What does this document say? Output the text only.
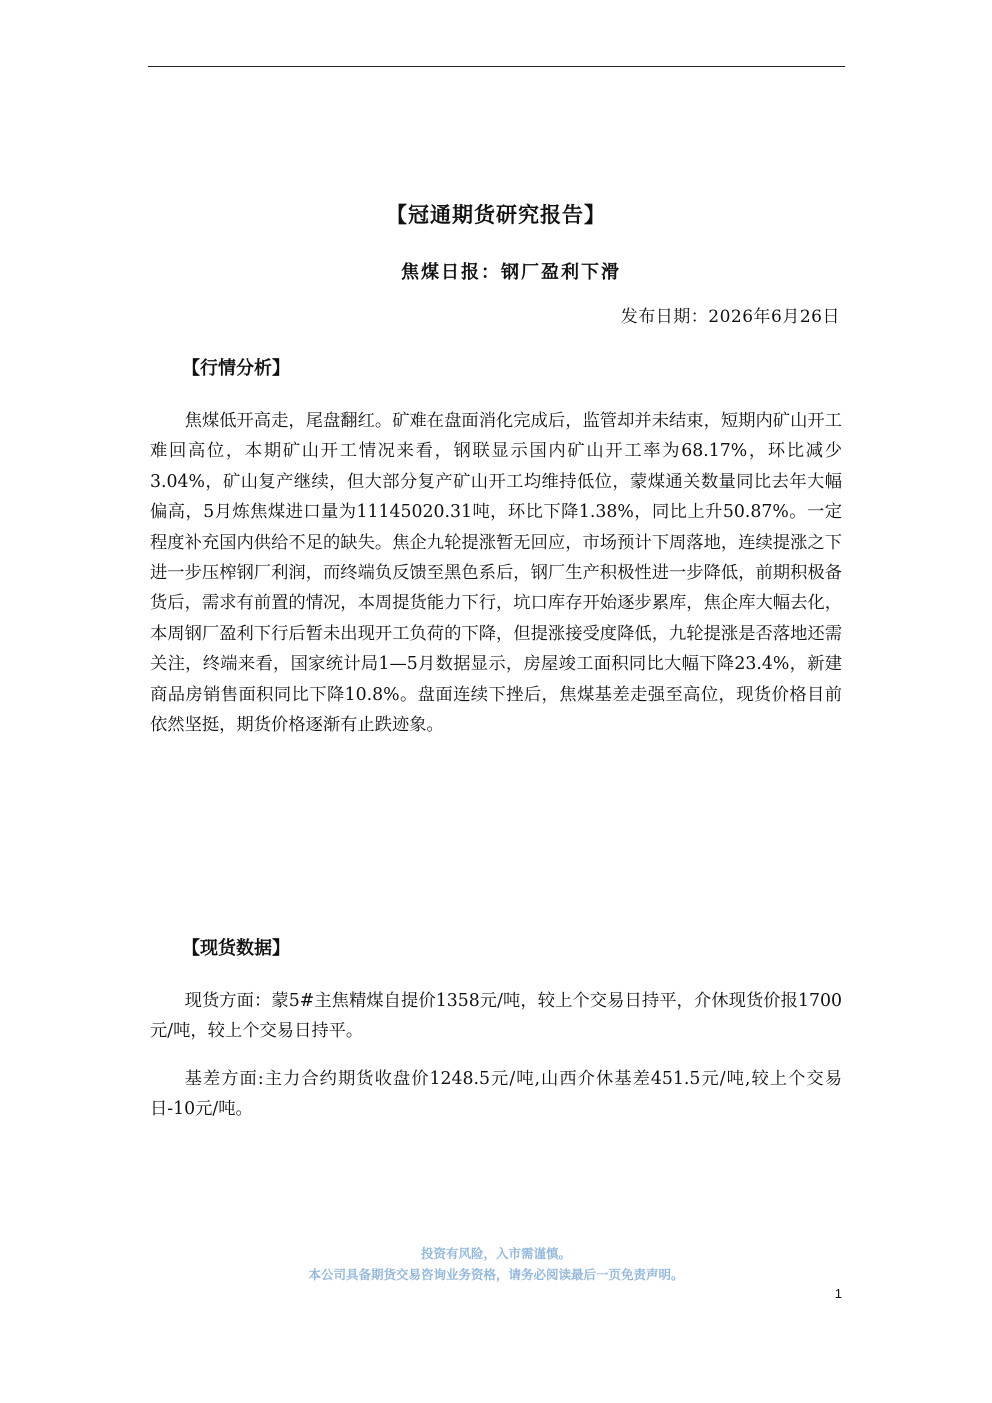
【冠通期货研究报告】
焦煤日报：钢厂盈利下滑
发布日期：2026年6月26日
【行情分析】

焦煤低开高走，尾盘翻红。矿难在盘面消化完成后，监管却并未结束，短期内矿山开工难回高位，本期矿山开工情况来看，钢联显示国内矿山开工率为68.17%，环比减少3.04%，矿山复产继续，但大部分复产矿山开工均维持低位，蒙煤通关数量同比去年大幅偏高，5月炼焦煤进口量为11145020.31吨，环比下降1.38%，同比上升50.87%。一定程度补充国内供给不足的缺失。焦企九轮提涨暂无回应，市场预计下周落地，连续提涨之下进一步压榨钢厂利润，而终端负反馈至黑色系后，钢厂生产积极性进一步降低，前期积极备货后，需求有前置的情况，本周提货能力下行，坑口库存开始逐步累库，焦企库大幅去化，本周钢厂盈利下行后暂未出现开工负荷的下降，但提涨接受度降低，九轮提涨是否落地还需关注，终端来看，国家统计局1—5月数据显示，房屋竣工面积同比大幅下降23.4%，新建商品房销售面积同比下降10.8%。盘面连续下挫后，焦煤基差走强至高位，现货价格目前依然坚挺，期货价格逐渐有止跌迹象。

【现货数据】

现货方面：蒙5#主焦精煤自提价1358元/吨，较上个交易日持平，介休现货价报1700元/吨，较上个交易日持平。

基差方面:主力合约期货收盘价1248.5元/吨,山西介休基差451.5元/吨,较上个交易日-10元/吨。

投资有风险，入市需谨慎。
本公司具备期货交易咨询业务资格，请务必阅读最后一页免责声明。
1
